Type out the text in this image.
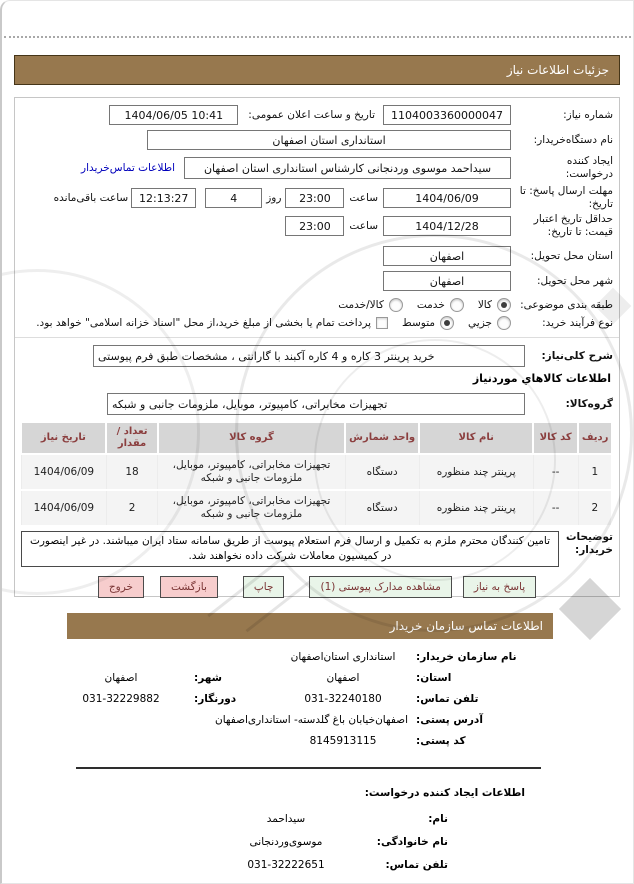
جزئیات اطلاعات نیاز
شماره نیاز:
1104003360000047
تاریخ و ساعت اعلان عمومی:
1404/06/05 10:41
نام دستگاه‌خریدار:
استانداری استان اصفهان
ایجاد کننده درخواست:
سیداحمد موسوی وردنجانی کارشناس استانداری استان اصفهان
اطلاعات تماس‌خریدار
مهلت ارسال پاسخ: تا تاریخ:
1404/06/09
ساعت
23:00
روز
4
12:13:27
ساعت باقی‌مانده
حداقل تاریخ اعتبار قیمت: تا تاریخ:
1404/12/28
ساعت
23:00
استان محل تحویل:
اصفهان
شهر محل تحویل:
اصفهان
طبقه بندی موضوعی:
کالا
خدمت
کالا/خدمت
نوع فرآیند خرید:
جزیي
متوسط
پرداخت تمام یا بخشی از مبلغ خرید،از محل "اسناد خزانه اسلامی" خواهد بود.
شرح کلی‌نیاز:
خرید پرینتر 3 کاره و 4 کاره آکبند با گارانتی ، مشخصات طبق فرم پیوستی
اطلاعات کالاهاي موردنیاز
گروه‌کالا:
تجهیزات مخابراتی، کامپیوتر، موبایل، ملزومات جانبی و شبکه
ردیف	کد کالا	نام کالا	واحد شمارش	گروه کالا	تعداد / مقدار	تاریخ نیاز
1	--	پرینتر چند منظوره	دستگاه	تجهیزات مخابراتی، کامپیوتر، موبایل، ملزومات جانبی و شبکه	18	1404/06/09
2	--	پرینتر چند منظوره	دستگاه	تجهیزات مخابراتی، کامپیوتر، موبایل، ملزومات جانبی و شبکه	2	1404/06/09
توضیحات خریدار:
تامین کنندگان محترم ملزم به تکمیل و ارسال فرم استعلام پیوست از طریق سامانه ستاد ایران میباشند. در غیر اینصورت در کمیسیون معاملات شرکت داده نخواهند شد.
پاسخ به نیاز
مشاهده مدارک پیوستی (1)
چاپ
بازگشت
خروج
اطلاعات تماس سازمان خریدار
نام سازمان خریدار:
استانداری استان‌اصفهان
استان:
اصفهان
شهر:
اصفهان
تلفن تماس:
031-32240180
دورنگار:
031-32229882
آدرس پستی:
اصفهان‌خیابان باغ گلدسته- استانداری‌اصفهان
کد پستی:
8145913115
اطلاعات ایجاد کننده درخواست:
نام:
سیداحمد
نام خانوادگی:
موسوی‌وردنجانی
تلفن تماس:
031-32222651
